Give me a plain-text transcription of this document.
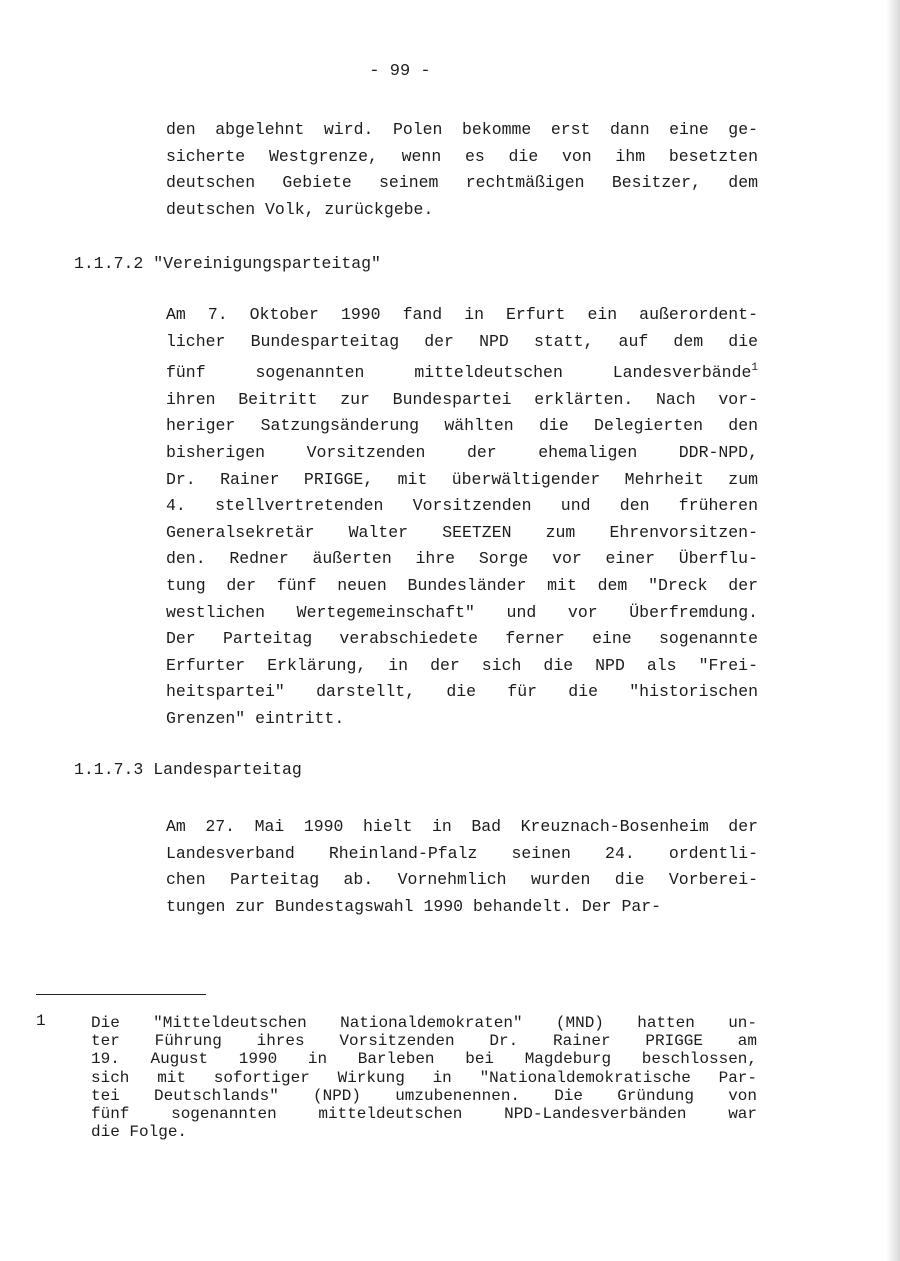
- 99 -

den abgelehnt wird. Polen bekomme erst dann eine ge-
sicherte Westgrenze, wenn es die von ihm besetzten
deutschen Gebiete seinem rechtmäßigen Besitzer, dem
deutschen Volk, zurückgebe.

1.1.7.2 "Vereinigungsparteitag"

Am 7. Oktober 1990 fand in Erfurt ein außerordent-
licher Bundesparteitag der NPD statt, auf dem die
fünf sogenannten mitteldeutschen Landesverbände$^1$
ihren Beitritt zur Bundespartei erklärten. Nach vor-
heriger Satzungsänderung wählten die Delegierten den
bisherigen Vorsitzenden der ehemaligen DDR-NPD,
Dr. Rainer PRIGGE, mit überwältigender Mehrheit zum
4. stellvertretenden Vorsitzenden und den früheren
Generalsekretär Walter SEETZEN zum Ehrenvorsitzen-
den. Redner äußerten ihre Sorge vor einer Überflu-
tung der fünf neuen Bundesländer mit dem "Dreck der
westlichen Wertegemeinschaft" und vor Überfremdung.
Der Parteitag verabschiedete ferner eine sogenannte
Erfurter Erklärung, in der sich die NPD als "Frei-
heitspartei" darstellt, die für die "historischen
Grenzen" eintritt.

1.1.7.3 Landesparteitag

Am 27. Mai 1990 hielt in Bad Kreuznach-Bosenheim der
Landesverband Rheinland-Pfalz seinen 24. ordentli-
chen Parteitag ab. Vornehmlich wurden die Vorberei-
tungen zur Bundestagswahl 1990 behandelt. Der Par-

1	Die "Mitteldeutschen Nationaldemokraten" (MND) hatten un-
ter Führung ihres Vorsitzenden Dr. Rainer PRIGGE am
19. August 1990 in Barleben bei Magdeburg beschlossen,
sich mit sofortiger Wirkung in "Nationaldemokratische Par-
tei Deutschlands" (NPD) umzubenennen. Die Gründung von
fünf sogenannten mitteldeutschen NPD-Landesverbänden war
die Folge.
